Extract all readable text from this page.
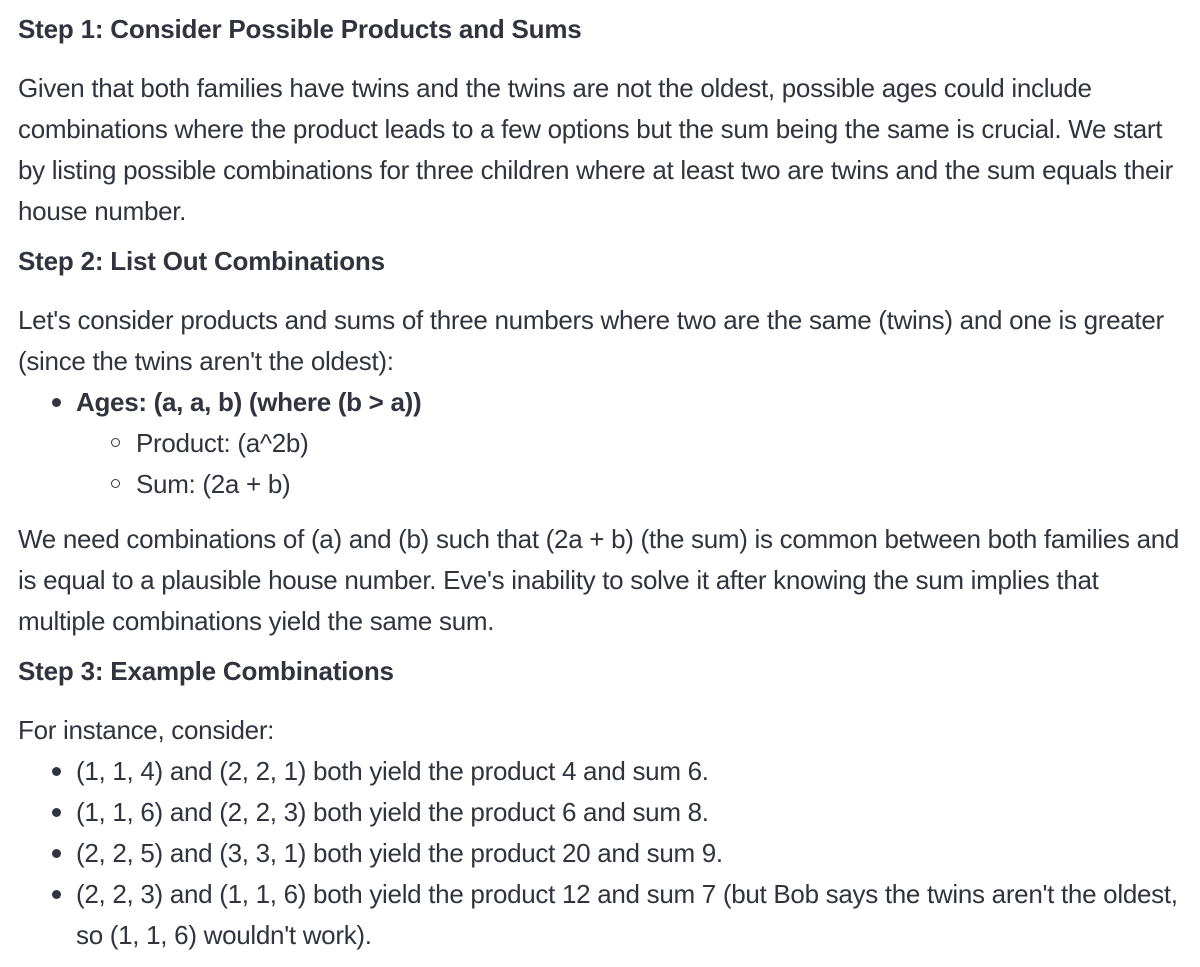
Step 1: Consider Possible Products and Sums

Given that both families have twins and the twins are not the oldest, possible ages could include combinations where the product leads to a few options but the sum being the same is crucial. We start by listing possible combinations for three children where at least two are twins and the sum equals their house number.

Step 2: List Out Combinations

Let's consider products and sums of three numbers where two are the same (twins) and one is greater (since the twins aren't the oldest):

Ages: (a, a, b) (where (b > a))
Product: (a^2b)
Sum: (2a + b)

We need combinations of (a) and (b) such that (2a + b) (the sum) is common between both families and is equal to a plausible house number. Eve's inability to solve it after knowing the sum implies that multiple combinations yield the same sum.

Step 3: Example Combinations

For instance, consider:

(1, 1, 4) and (2, 2, 1) both yield the product 4 and sum 6.
(1, 1, 6) and (2, 2, 3) both yield the product 6 and sum 8.
(2, 2, 5) and (3, 3, 1) both yield the product 20 and sum 9.
(2, 2, 3) and (1, 1, 6) both yield the product 12 and sum 7 (but Bob says the twins aren't the oldest, so (1, 1, 6) wouldn't work).
